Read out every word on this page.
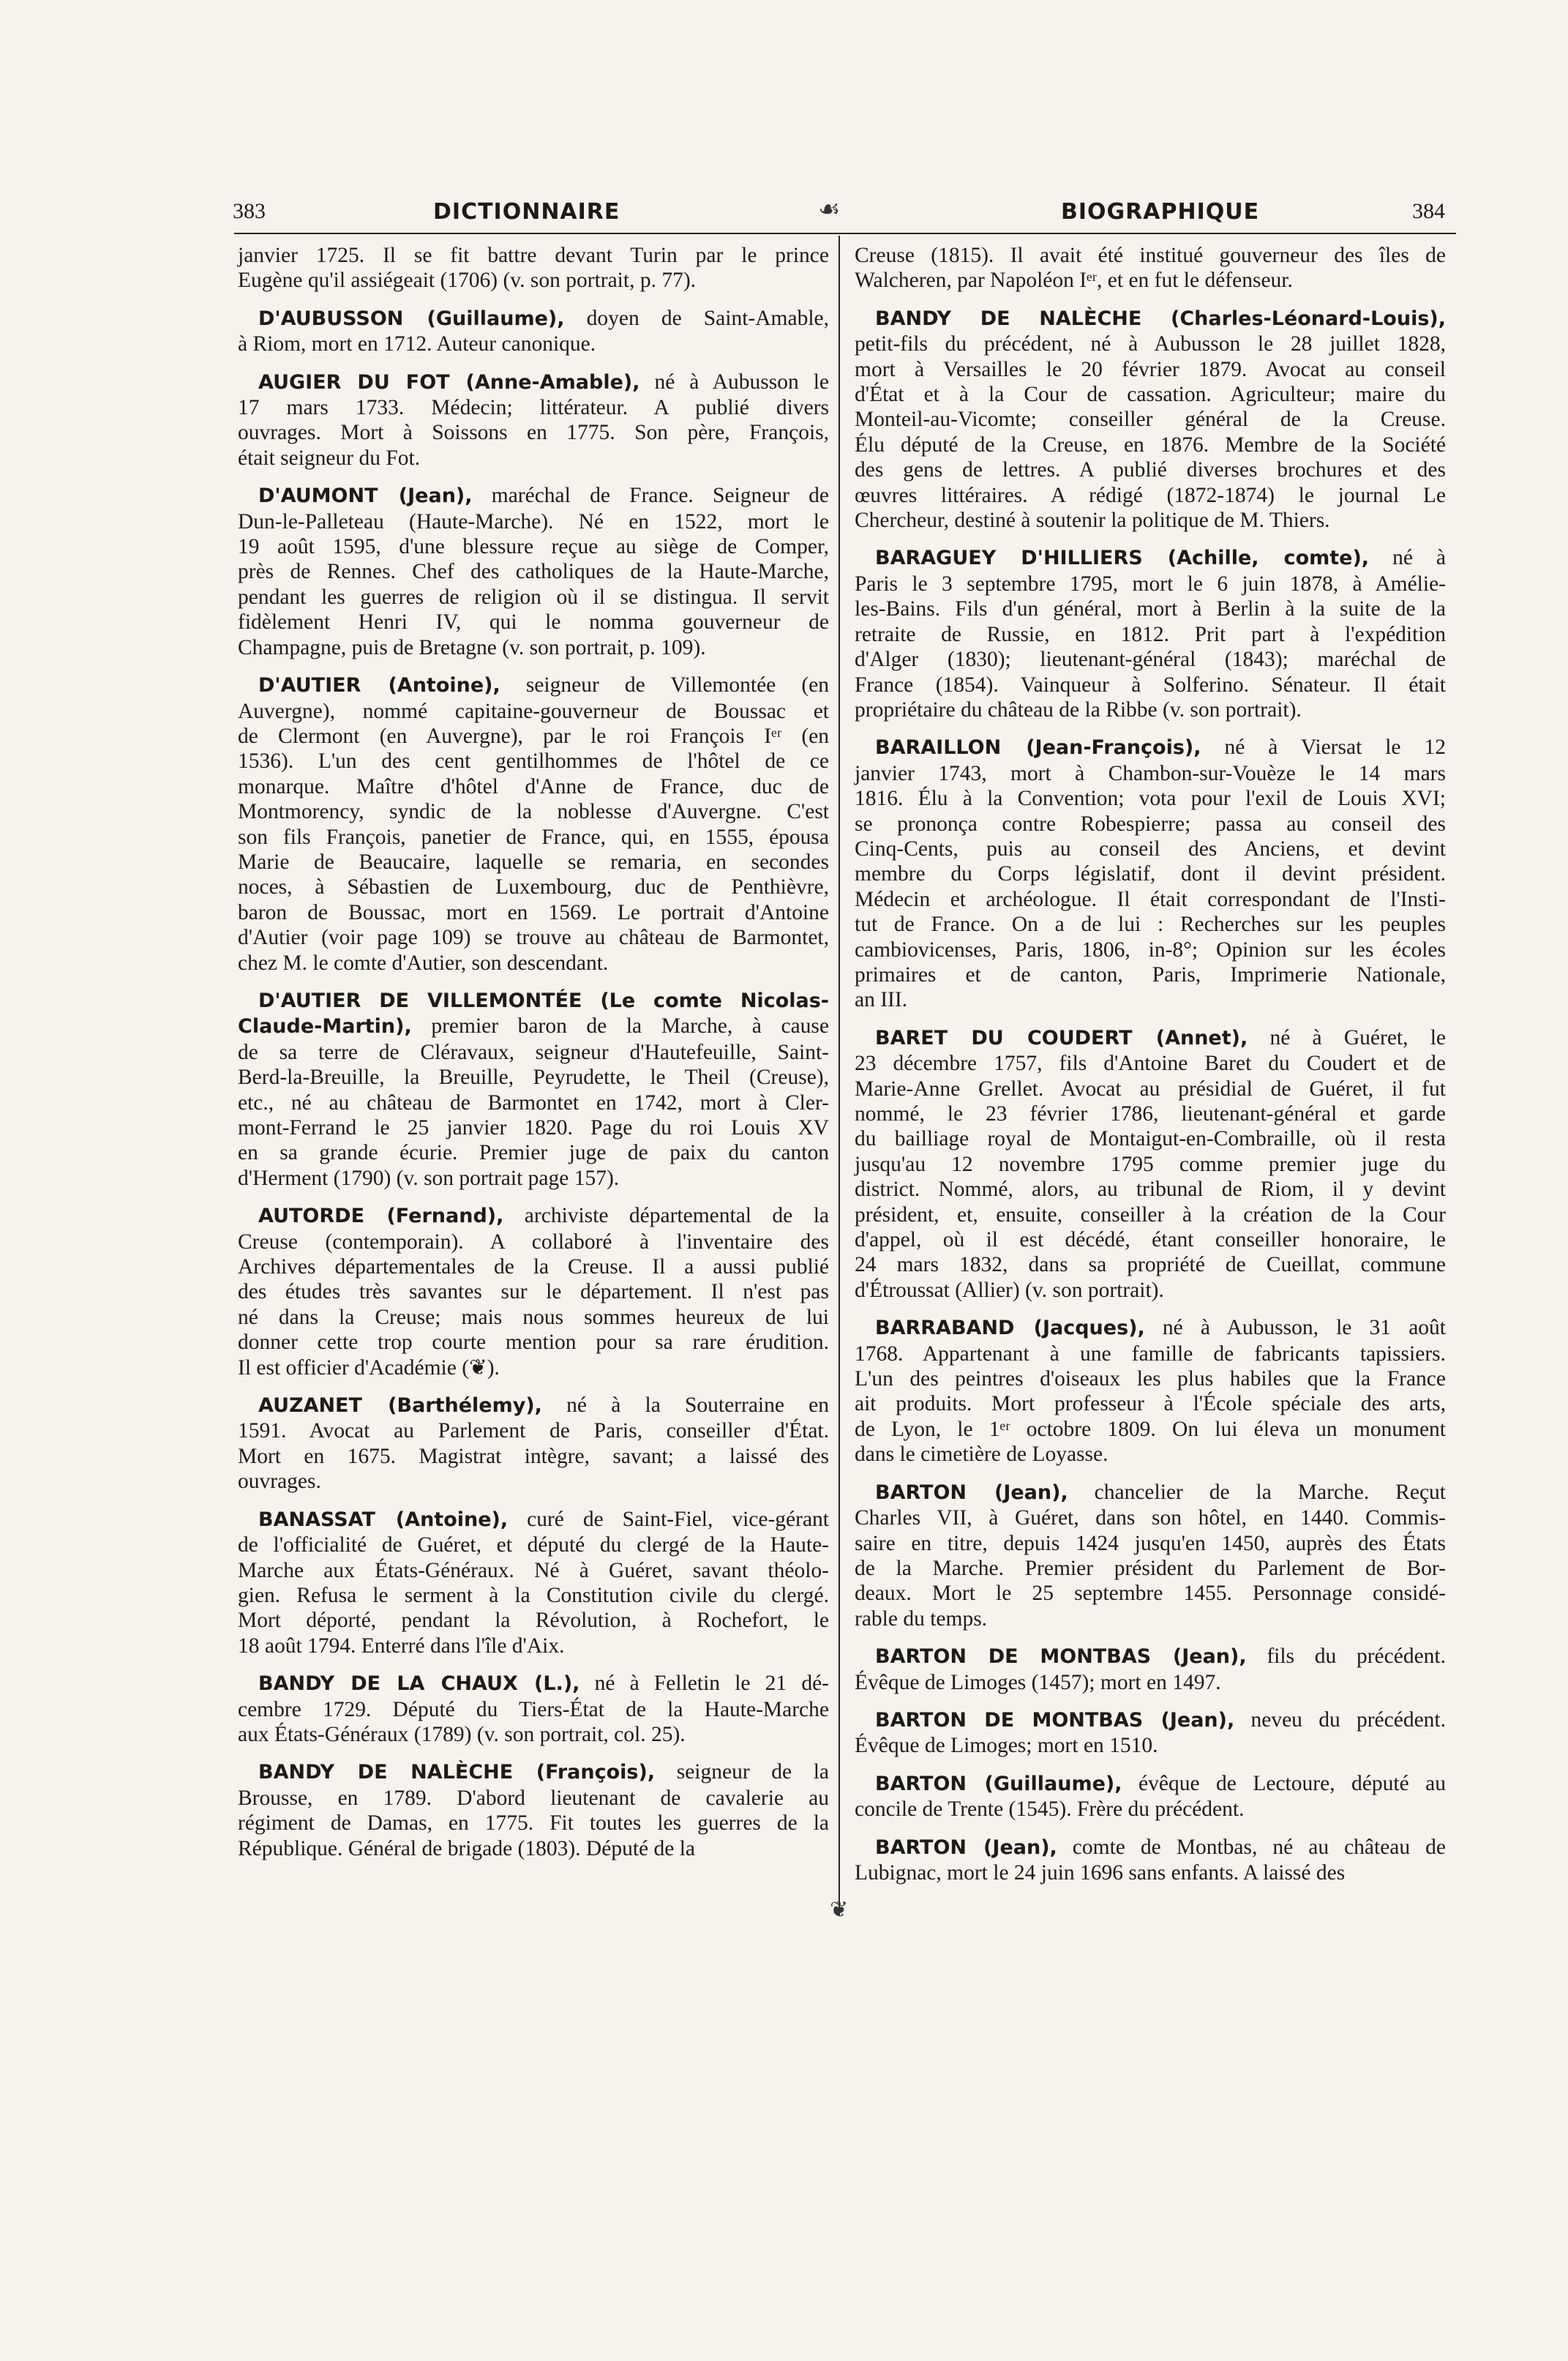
383	DICTIONNAIRE	☙	BIOGRAPHIQUE	384
❦
janvier 1725. Il se fit battre devant Turin par le prince
Eugène qu'il assiégeait (1706) (v. son portrait, p. 77).
D'AUBUSSON (Guillaume), doyen de Saint-Amable,
à Riom, mort en 1712. Auteur canonique.
AUGIER DU FOT (Anne-Amable), né à Aubusson le
17 mars 1733. Médecin; littérateur. A publié divers
ouvrages. Mort à Soissons en 1775. Son père, François,
était seigneur du Fot.
D'AUMONT (Jean), maréchal de France. Seigneur de
Dun-le-Palleteau (Haute-Marche). Né en 1522, mort le
19 août 1595, d'une blessure reçue au siège de Comper,
près de Rennes. Chef des catholiques de la Haute-Marche,
pendant les guerres de religion où il se distingua. Il servit
fidèlement Henri IV, qui le nomma gouverneur de
Champagne, puis de Bretagne (v. son portrait, p. 109).
D'AUTIER (Antoine), seigneur de Villemontée (en
Auvergne), nommé capitaine-gouverneur de Boussac et
de Clermont (en Auvergne), par le roi François Iᵉʳ (en
1536). L'un des cent gentilhommes de l'hôtel de ce
monarque. Maître d'hôtel d'Anne de France, duc de
Montmorency, syndic de la noblesse d'Auvergne. C'est
son fils François, panetier de France, qui, en 1555, épousa
Marie de Beaucaire, laquelle se remaria, en secondes
noces, à Sébastien de Luxembourg, duc de Penthièvre,
baron de Boussac, mort en 1569. Le portrait d'Antoine
d'Autier (voir page 109) se trouve au château de Barmontet,
chez M. le comte d'Autier, son descendant.
D'AUTIER DE VILLEMONTÉE (Le comte Nicolas-
Claude-Martin), premier baron de la Marche, à cause
de sa terre de Cléravaux, seigneur d'Hautefeuille, Saint-
Berd-la-Breuille, la Breuille, Peyrudette, le Theil (Creuse),
etc., né au château de Barmontet en 1742, mort à Cler-
mont-Ferrand le 25 janvier 1820. Page du roi Louis XV
en sa grande écurie. Premier juge de paix du canton
d'Herment (1790) (v. son portrait page 157).
AUTORDE (Fernand), archiviste départemental de la
Creuse (contemporain). A collaboré à l'inventaire des
Archives départementales de la Creuse. Il a aussi publié
des études très savantes sur le département. Il n'est pas
né dans la Creuse; mais nous sommes heureux de lui
donner cette trop courte mention pour sa rare érudition.
Il est officier d'Académie (❦).
AUZANET (Barthélemy), né à la Souterraine en
1591. Avocat au Parlement de Paris, conseiller d'État.
Mort en 1675. Magistrat intègre, savant; a laissé des
ouvrages.
BANASSAT (Antoine), curé de Saint-Fiel, vice-gérant
de l'officialité de Guéret, et député du clergé de la Haute-
Marche aux États-Généraux. Né à Guéret, savant théolo-
gien. Refusa le serment à la Constitution civile du clergé.
Mort déporté, pendant la Révolution, à Rochefort, le
18 août 1794. Enterré dans l'île d'Aix.
BANDY DE LA CHAUX (L.), né à Felletin le 21 dé-
cembre 1729. Député du Tiers-État de la Haute-Marche
aux États-Généraux (1789) (v. son portrait, col. 25).
BANDY DE NALÈCHE (François), seigneur de la
Brousse, en 1789. D'abord lieutenant de cavalerie au
régiment de Damas, en 1775. Fit toutes les guerres de la
République. Général de brigade (1803). Député de la
Creuse (1815). Il avait été institué gouverneur des îles de
Walcheren, par Napoléon Iᵉʳ, et en fut le défenseur.
BANDY DE NALÈCHE (Charles-Léonard-Louis),
petit-fils du précédent, né à Aubusson le 28 juillet 1828,
mort à Versailles le 20 février 1879. Avocat au conseil
d'État et à la Cour de cassation. Agriculteur; maire du
Monteil-au-Vicomte; conseiller général de la Creuse.
Élu député de la Creuse, en 1876. Membre de la Société
des gens de lettres. A publié diverses brochures et des
œuvres littéraires. A rédigé (1872-1874) le journal Le
Chercheur, destiné à soutenir la politique de M. Thiers.
BARAGUEY D'HILLIERS (Achille, comte), né à
Paris le 3 septembre 1795, mort le 6 juin 1878, à Amélie-
les-Bains. Fils d'un général, mort à Berlin à la suite de la
retraite de Russie, en 1812. Prit part à l'expédition
d'Alger (1830); lieutenant-général (1843); maréchal de
France (1854). Vainqueur à Solferino. Sénateur. Il était
propriétaire du château de la Ribbe (v. son portrait).
BARAILLON (Jean-François), né à Viersat le 12
janvier 1743, mort à Chambon-sur-Vouèze le 14 mars
1816. Élu à la Convention; vota pour l'exil de Louis XVI;
se prononça contre Robespierre; passa au conseil des
Cinq-Cents, puis au conseil des Anciens, et devint
membre du Corps législatif, dont il devint président.
Médecin et archéologue. Il était correspondant de l'Insti-
tut de France. On a de lui : Recherches sur les peuples
cambiovicenses, Paris, 1806, in-8°; Opinion sur les écoles
primaires et de canton, Paris, Imprimerie Nationale,
an III.
BARET DU COUDERT (Annet), né à Guéret, le
23 décembre 1757, fils d'Antoine Baret du Coudert et de
Marie-Anne Grellet. Avocat au présidial de Guéret, il fut
nommé, le 23 février 1786, lieutenant-général et garde
du bailliage royal de Montaigut-en-Combraille, où il resta
jusqu'au 12 novembre 1795 comme premier juge du
district. Nommé, alors, au tribunal de Riom, il y devint
président, et, ensuite, conseiller à la création de la Cour
d'appel, où il est décédé, étant conseiller honoraire, le
24 mars 1832, dans sa propriété de Cueillat, commune
d'Étroussat (Allier) (v. son portrait).
BARRABAND (Jacques), né à Aubusson, le 31 août
1768. Appartenant à une famille de fabricants tapissiers.
L'un des peintres d'oiseaux les plus habiles que la France
ait produits. Mort professeur à l'École spéciale des arts,
de Lyon, le 1ᵉʳ octobre 1809. On lui éleva un monument
dans le cimetière de Loyasse.
BARTON (Jean), chancelier de la Marche. Reçut
Charles VII, à Guéret, dans son hôtel, en 1440. Commis-
saire en titre, depuis 1424 jusqu'en 1450, auprès des États
de la Marche. Premier président du Parlement de Bor-
deaux. Mort le 25 septembre 1455. Personnage considé-
rable du temps.
BARTON DE MONTBAS (Jean), fils du précédent.
Évêque de Limoges (1457); mort en 1497.
BARTON DE MONTBAS (Jean), neveu du précédent.
Évêque de Limoges; mort en 1510.
BARTON (Guillaume), évêque de Lectoure, député au
concile de Trente (1545). Frère du précédent.
BARTON (Jean), comte de Montbas, né au château de
Lubignac, mort le 24 juin 1696 sans enfants. A laissé des
